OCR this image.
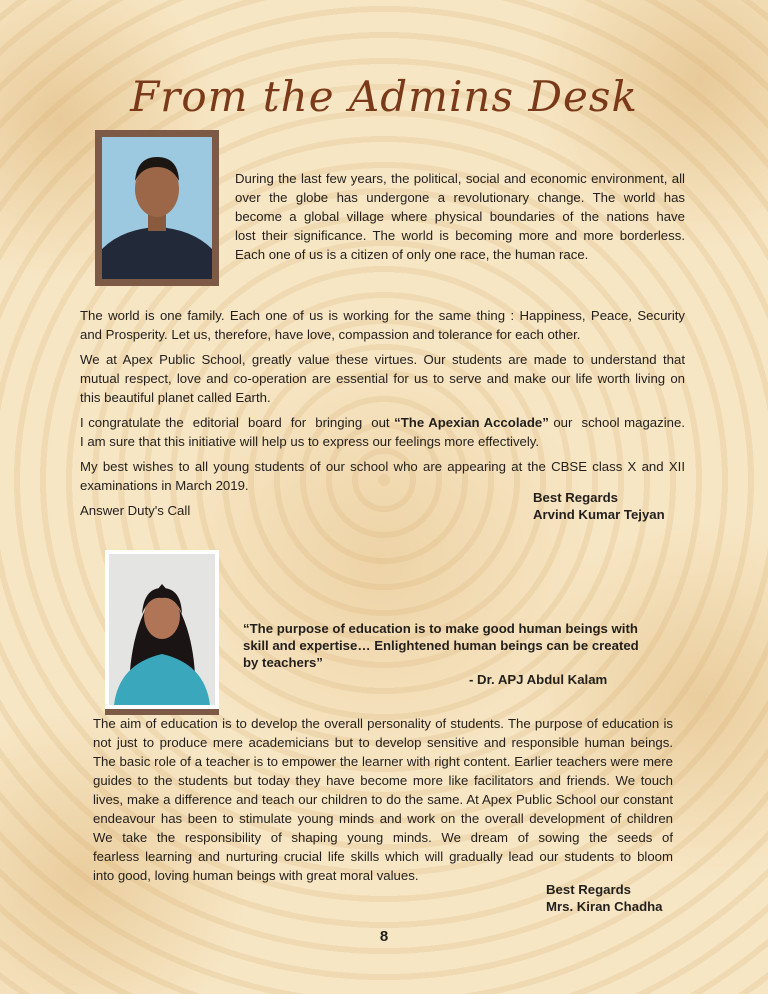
From the Admins Desk
During the last few years, the political, social and economic environment, all
over the globe has undergone a revolutionary change. The world has
become a global village where physical boundaries of the nations have
lost their significance. The world is becoming more and more borderless.
Each one of us is a citizen of only one race, the human race.
The world is one family. Each one of us is working for the same thing : Happiness, Peace, Security
and Prosperity. Let us, therefore, have love, compassion and tolerance for each other.
We at Apex Public School, greatly value these virtues. Our students are made to understand that
mutual respect, love and co-operation are essential for us to serve and make our life worth living on
this beautiful planet called Earth.
I congratulate the  editorial  board  for  bringing  out “The Apexian Accolade” our  school magazine.
I am sure that this initiative will help us to express our feelings more effectively.
My best wishes to all young students of our school who are appearing at the CBSE class X and XII
examinations in March 2019.
Answer Duty's Call
Best Regards
Arvind Kumar Tejyan
“The purpose of education is to make good human beings with
skill and expertise… Enlightened human beings can be created
by teachers”
- Dr. APJ Abdul Kalam
The aim of education is to develop the overall personality of students. The purpose of education is
not just to produce mere academicians but to develop sensitive and responsible human beings.
The basic role of a teacher is to empower the learner with right content. Earlier teachers were mere
guides to the students but today they have become more like facilitators and friends. We touch
lives, make a difference and teach our children to do the same. At Apex Public School our constant
endeavour has been to stimulate young minds and work on the overall development of children
We take the responsibility of shaping young minds. We dream of sowing the seeds of
fearless learning and nurturing crucial life skills which will gradually lead our students to bloom
into good, loving human beings with great moral values.
Best Regards
Mrs. Kiran Chadha
8
